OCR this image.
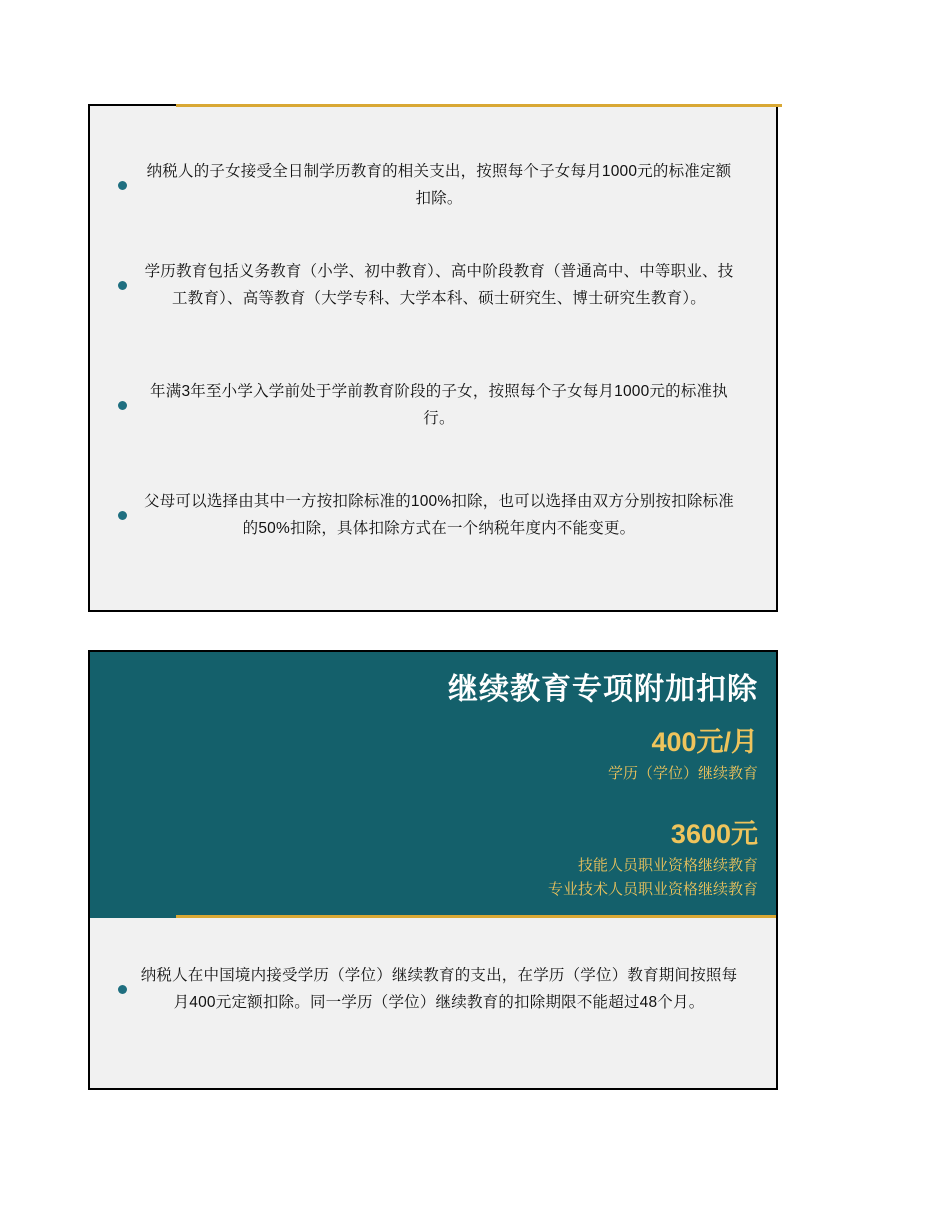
纳税人的子女接受全日制学历教育的相关支出，按照每个子女每月1000元的标准定额扣除。
学历教育包括义务教育（小学、初中教育）、高中阶段教育（普通高中、中等职业、技工教育）、高等教育（大学专科、大学本科、硕士研究生、博士研究生教育）。
年满3年至小学入学前处于学前教育阶段的子女，按照每个子女每月1000元的标准执行。
父母可以选择由其中一方按扣除标准的100%扣除，也可以选择由双方分别按扣除标准的50%扣除，具体扣除方式在一个纳税年度内不能变更。
继续教育专项附加扣除
400元/月
学历（学位）继续教育
3600元
技能人员职业资格继续教育
专业技术人员职业资格继续教育
纳税人在中国境内接受学历（学位）继续教育的支出，在学历（学位）教育期间按照每月400元定额扣除。同一学历（学位）继续教育的扣除期限不能超过48个月。
